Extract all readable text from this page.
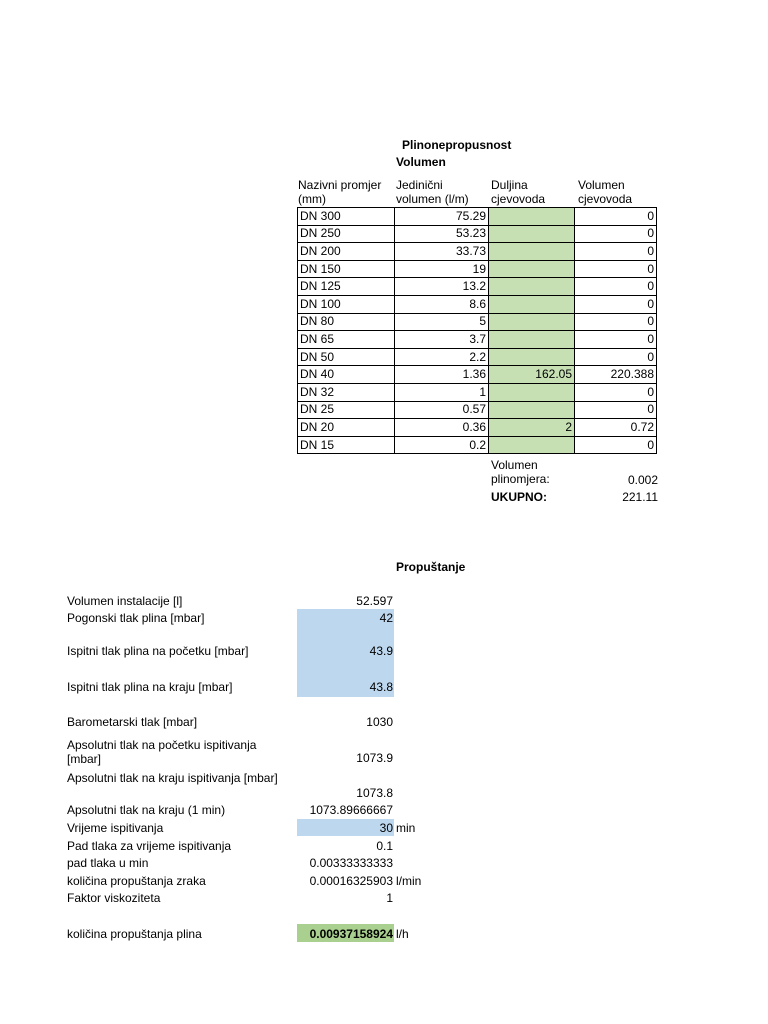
Plinonepropusnost
Volumen
Nazivni promjer (mm)
Jedinični volumen (l/m)
Duljina cjevovoda
Volumen cjevovoda
DN 300	75.29		0
DN 250	53.23		0
DN 200	33.73		0
DN 150	19		0
DN 125	13.2		0
DN 100	8.6		0
DN 80	5		0
DN 65	3.7		0
DN 50	2.2		0
DN 40	1.36	162.05	220.388
DN 32	1		0
DN 25	0.57		0
DN 20	0.36	2	0.72
DN 15	0.2		0
Volumen plinomjera:	0.002
UKUPNO:	221.11
Propuštanje
Volumen instalacije [l]	52.597
Pogonski tlak plina [mbar]	42
Ispitni tlak plina na početku [mbar]	43.9
Ispitni tlak plina na kraju [mbar]	43.8
Barometarski tlak [mbar]	1030
Apsolutni tlak na početku ispitivanja [mbar]	1073.9
Apsolutni tlak na kraju ispitivanja [mbar]
1073.8
Apsolutni tlak na kraju (1 min)	1073.89666667
Vrijeme ispitivanja	30 min
Pad tlaka za vrijeme ispitivanja	0.1
pad tlaka u min	0.00333333333
količina propuštanja zraka	0.00016325903 l/min
Faktor viskoziteta	1
količina propuštanja plina	0.00937158924 l/h
